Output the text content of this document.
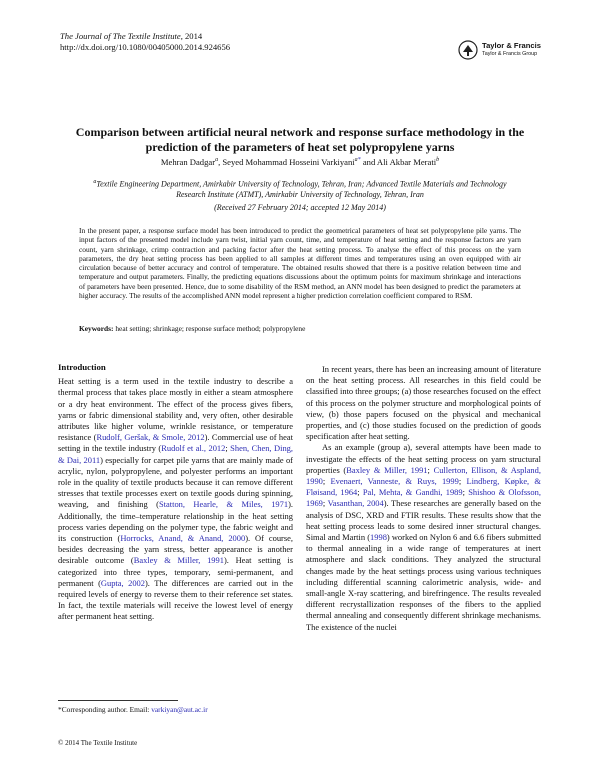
The Journal of The Textile Institute, 2014
http://dx.doi.org/10.1080/00405000.2014.924656	Taylor & Francis
Taylor & Francis Group
Comparison between artificial neural network and response surface methodology in the
prediction of the parameters of heat set polypropylene yarns
Mehran Dadgar$^a$, Seyed Mohammad Hosseini Varkiyani$^{a*}$ and Ali Akbar Merati$^b$
$^a$Textile Engineering Department, Amirkabir University of Technology, Tehran, Iran; Advanced Textile Materials and Technology
Research Institute (ATMT), Amirkabir University of Technology, Tehran, Iran
(Received 27 February 2014; accepted 12 May 2014)

In the present paper, a response surface model has been introduced to predict the geometrical parameters of heat set polypropylene pile yarns. The input factors of the presented model include yarn twist, initial yarn count, time, and temperature of heat setting and the response factors are yarn count, yarn shrinkage, crimp contraction and packing factor after the heat setting process. To analyse the effect of this process on the yarn parameters, the dry heat setting process has been applied to all samples at different times and temperatures using an oven equipped with air circulation because of better accuracy and control of temperature. The obtained results showed that there is a positive relation between time and temperature and output parameters. Finally, the predicting equations discussions about the optimum points for maximum shrinkage and interactions of parameters have been presented. Hence, due to some disability of the RSM method, an ANN model has been designed to predict the parameters at higher accuracy. The results of the accomplished ANN model represent a higher prediction correlation coefficient compared to RSM.

Keywords: heat setting; shrinkage; response surface method; polypropylene

Introduction

Heat setting is a term used in the textile industry to describe a thermal process that takes place mostly in either a steam atmosphere or a dry heat environment. The effect of the process gives fibers, yarns or fabric dimensional stability and, very often, other desirable attributes like higher volume, wrinkle resistance, or temperature resistance (Rudolf, Geršak, & Smole, 2012). Commercial use of heat setting in the textile industry (Rudolf et al., 2012; Shen, Chen, Ding, & Dai, 2011) especially for carpet pile yarns that are mainly made of acrylic, nylon, polypropylene, and polyester performs an important role in the quality of textile products because it can remove different stresses that textile processes exert on textile goods during spinning, weaving, and finishing (Statton, Hearle, & Miles, 1971). Additionally, the time–temperature relationship in the heat setting process varies depending on the polymer type, the fabric weight and its construction (Horrocks, Anand, & Anand, 2000). Of course, besides decreasing the yarn stress, better appearance is another desirable outcome (Baxley & Miller, 1991). Heat setting is categorized into three types, temporary, semi-permanent, and permanent (Gupta, 2002). The differences are carried out in the required levels of energy to reverse them to their reference set states. In fact, the textile materials will receive the lowest level of energy after permanent heat setting.

In recent years, there has been an increasing amount of literature on the heat setting process. All researches in this field could be classified into three groups; (a) those researches focused on the effect of this process on the polymer structure and morphological points of view, (b) those papers focused on the physical and mechanical properties, and (c) those studies focused on the prediction of goods specification after heat setting.

As an example (group a), several attempts have been made to investigate the effects of the heat setting process on yarn structural properties (Baxley & Miller, 1991; Cullerton, Ellison, & Aspland, 1990; Evenaert, Vanneste, & Ruys, 1999; Lindberg, Køpke, & Fløisand, 1964; Pal, Mehta, & Gandhi, 1989; Shishoo & Olofsson, 1969; Vasanthan, 2004). These researches are generally based on the analysis of DSC, XRD and FTIR results. These results show that the heat setting process leads to some desired inner structural changes. Simal and Martin (1998) worked on Nylon 6 and 6.6 fibers submitted to thermal annealing in a wide range of temperatures at inert atmosphere and slack conditions. They analyzed the structural changes made by the heat settings process using various techniques including differential scanning calorimetric analysis, wide- and small-angle X-ray scattering, and birefringence. The results revealed different recrystallization responses of the fibers to the applied thermal annealing and consequently different shrinkage mechanisms. The existence of the nuclei

*Corresponding author. Email: varkiyan@aut.ac.ir
© 2014 The Textile Institute
